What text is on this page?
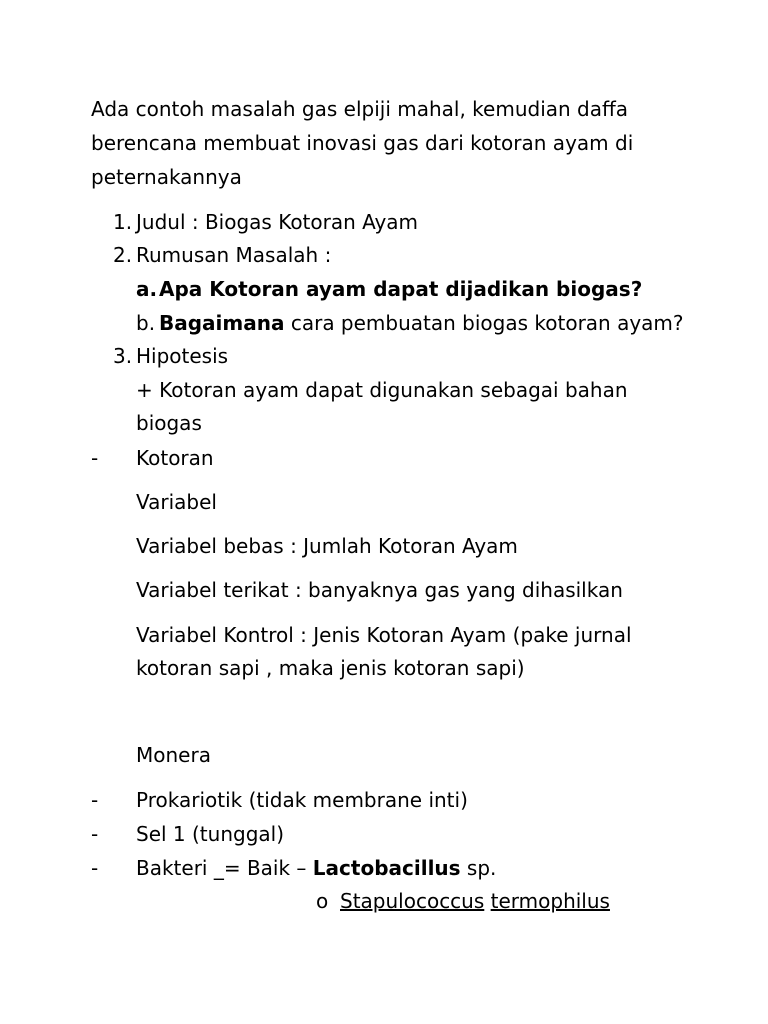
Ada contoh masalah gas elpiji mahal, kemudian daffa
berencana membuat inovasi gas dari kotoran ayam di
peternakannya
1. Judul : Biogas Kotoran Ayam
2. Rumusan Masalah :
a. Apa Kotoran ayam dapat dijadikan biogas?
b. Bagaimana cara pembuatan biogas kotoran ayam?
3. Hipotesis
+ Kotoran ayam dapat digunakan sebagai bahan
biogas
- Kotoran
Variabel
Variabel bebas : Jumlah Kotoran Ayam
Variabel terikat : banyaknya gas yang dihasilkan
Variabel Kontrol : Jenis Kotoran Ayam (pake jurnal
kotoran sapi , maka jenis kotoran sapi)
Monera
- Prokariotik (tidak membrane inti)
- Sel 1 (tunggal)
- Bakteri _= Baik – Lactobacillus sp.
o Stapulococcus termophilus
